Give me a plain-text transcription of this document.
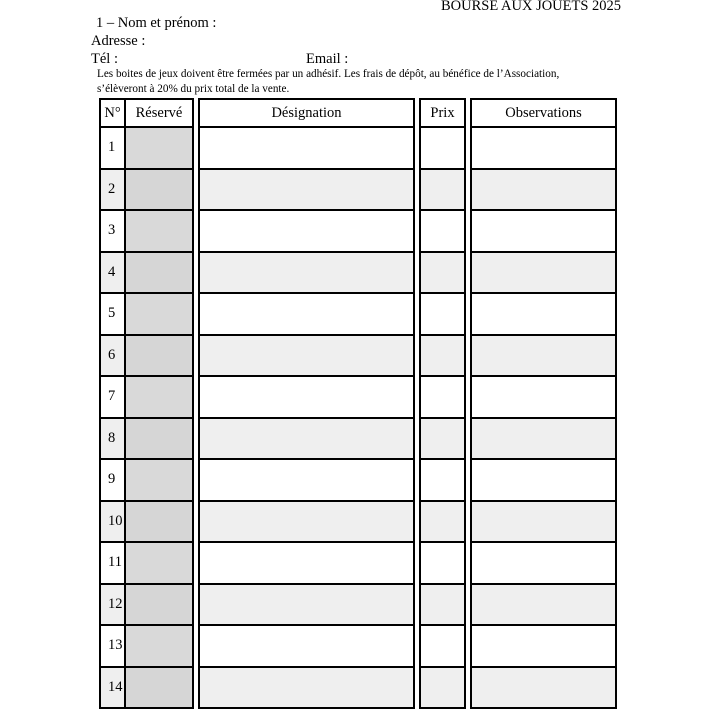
BOURSE AUX JOUETS 2025
1 – Nom et prénom :
Adresse :
Tél :	Email :
Les boites de jeux doivent être fermées par un adhésif. Les frais de dépôt, au bénéfice de l’Association,
s’élèveront à 20% du prix total de la vente.
N°	Réservé		Désignation		Prix		Observations
1							
2							
3							
4							
5							
6							
7							
8							
9							
10							
11							
12							
13							
14							
